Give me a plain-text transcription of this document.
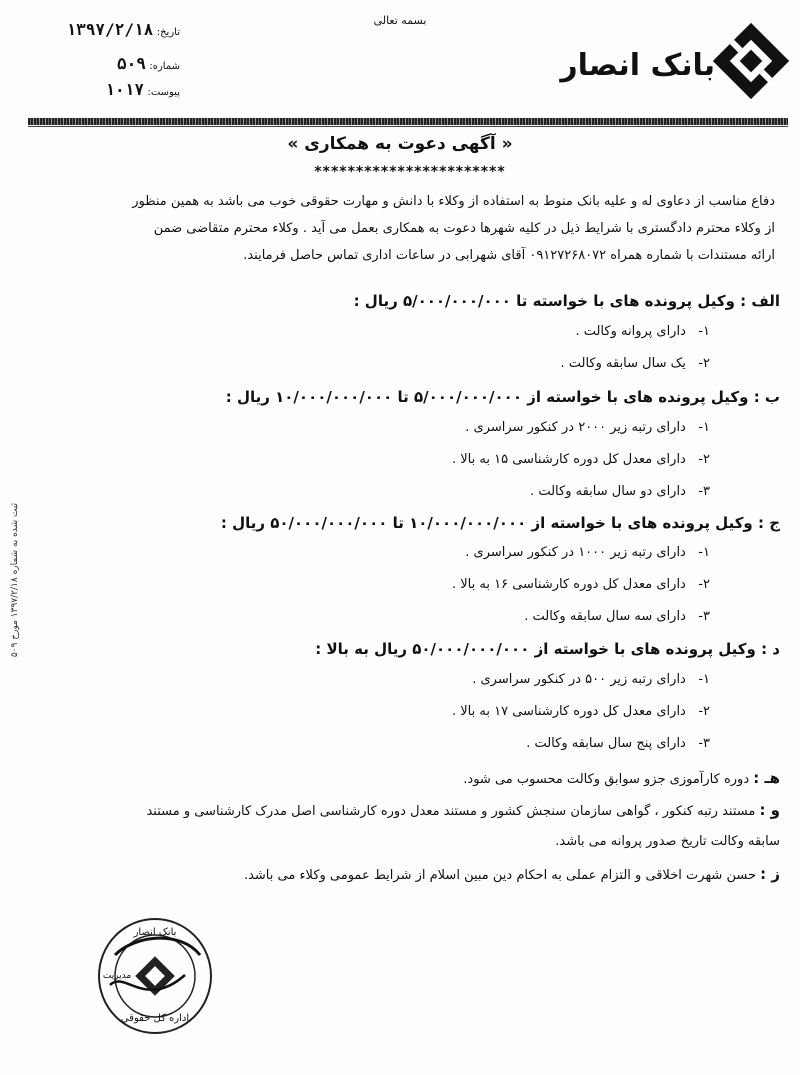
بسمه تعالی
بانک انصار
تاریخ: ۱۳۹۷/۲/۱۸
شماره: ۵۰۹
پیوست: ۱۰۱۷
« آگهی دعوت به همکاری »
***********************
دفاع مناسب از دعاوی له و علیه بانک منوط به استفاده از وکلاء با دانش و مهارت حقوقی خوب می باشد به همین منظور
از وکلاء محترم دادگستری با شرایط ذیل در کلیه شهرها دعوت به همکاری بعمل می آید . وکلاء محترم متقاضی ضمن
ارائه مستندات با شماره همراه ۰۹۱۲۷۲۶۸۰۷۲ آقای شهرابی در ساعات اداری تماس حاصل فرمایند.
الف : وکیل پرونده های با خواسته تا ۵/۰۰۰/۰۰۰/۰۰۰ ریال :
۱- دارای پروانه وکالت .
۲- یک سال سابقه وکالت .
ب : وکیل پرونده های با خواسته از ۵/۰۰۰/۰۰۰/۰۰۰ تا ۱۰/۰۰۰/۰۰۰/۰۰۰ ریال :
۱- دارای رتبه زیر ۲۰۰۰ در کنکور سراسری .
۲- دارای معدل کل دوره کارشناسی ۱۵ به بالا .
۳- دارای دو سال سابقه وکالت .
ج : وکیل پرونده های با خواسته از ۱۰/۰۰۰/۰۰۰/۰۰۰ تا ۵۰/۰۰۰/۰۰۰/۰۰۰ ریال :
۱- دارای رتبه زیر ۱۰۰۰ در کنکور سراسری .
۲- دارای معدل کل دوره کارشناسی ۱۶ به بالا .
۳- دارای سه سال سابقه وکالت .
د : وکیل پرونده های با خواسته از ۵۰/۰۰۰/۰۰۰/۰۰۰ ریال به بالا :
۱- دارای رتبه زیر ۵۰۰ در کنکور سراسری .
۲- دارای معدل کل دوره کارشناسی ۱۷ به بالا .
۳- دارای پنج سال سابقه وکالت .
هـ : دوره کارآموزی جزو سوابق وکالت محسوب می شود.
و : مستند رتبه کنکور ، گواهی سازمان سنجش کشور و مستند معدل دوره کارشناسی اصل مدرک کارشناسی و مستند
سابقه وکالت تاریخ صدور پروانه می باشد.
ز : حسن شهرت اخلاقی و التزام عملی به احکام دین مبین اسلام از شرایط عمومی وکلاء می باشد.
ثبت شده به شماره ۱۳۹۷/۲/۱۸ مورخ ۵۰۹
بانک انصار
مدیریت
اداره کل حقوقی
